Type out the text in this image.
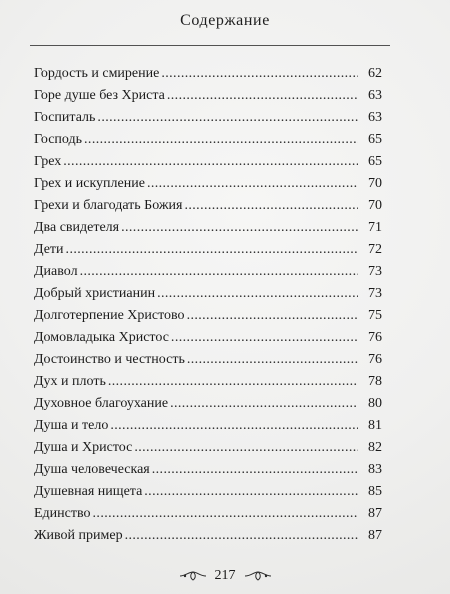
Содержание
Гордость и смирение .....	62
Горе душе без Христа .....	63
Госпиталь .....	63
Господь .....	65
Грех .....	65
Грех и искупление .....	70
Грехи и благодать Божия .....	70
Два свидетеля .....	71
Дети .....	72
Диавол .....	73
Добрый христианин .....	73
Долготерпение Христово .....	75
Домовладыка Христос .....	76
Достоинство и честность .....	76
Дух и плоть .....	78
Духовное благоухание .....	80
Душа и тело .....	81
Душа и Христос .....	82
Душа человеческая .....	83
Душевная нищета .....	85
Единство .....	87
Живой пример .....	87
217
